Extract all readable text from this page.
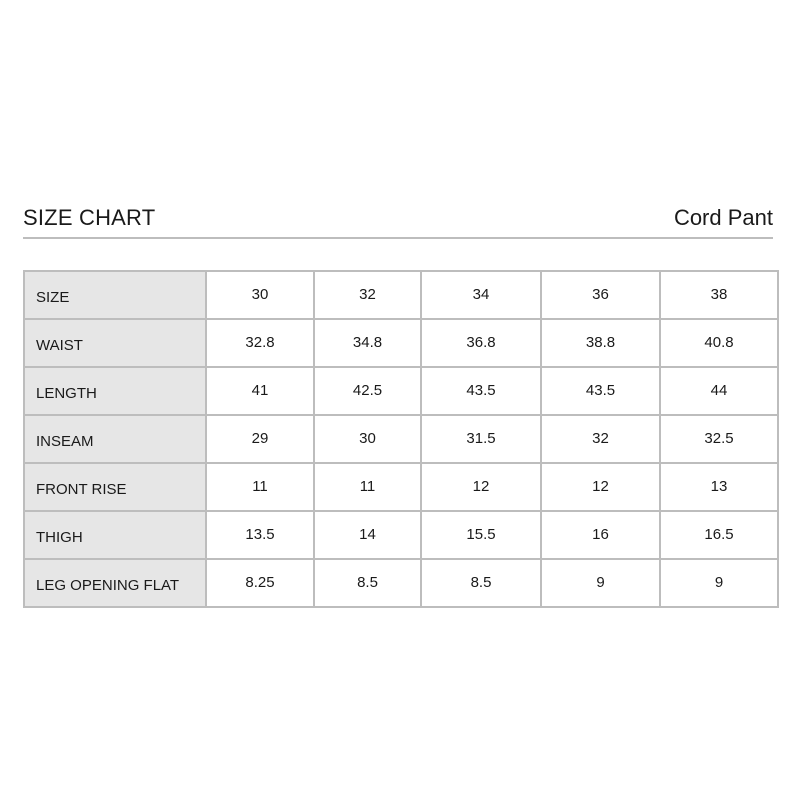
SIZE CHART	Cord Pant
SIZE	30	32	34	36	38
WAIST	32.8	34.8	36.8	38.8	40.8
LENGTH	41	42.5	43.5	43.5	44
INSEAM	29	30	31.5	32	32.5
FRONT RISE	11	11	12	12	13
THIGH	13.5	14	15.5	16	16.5
LEG OPENING FLAT	8.25	8.5	8.5	9	9
